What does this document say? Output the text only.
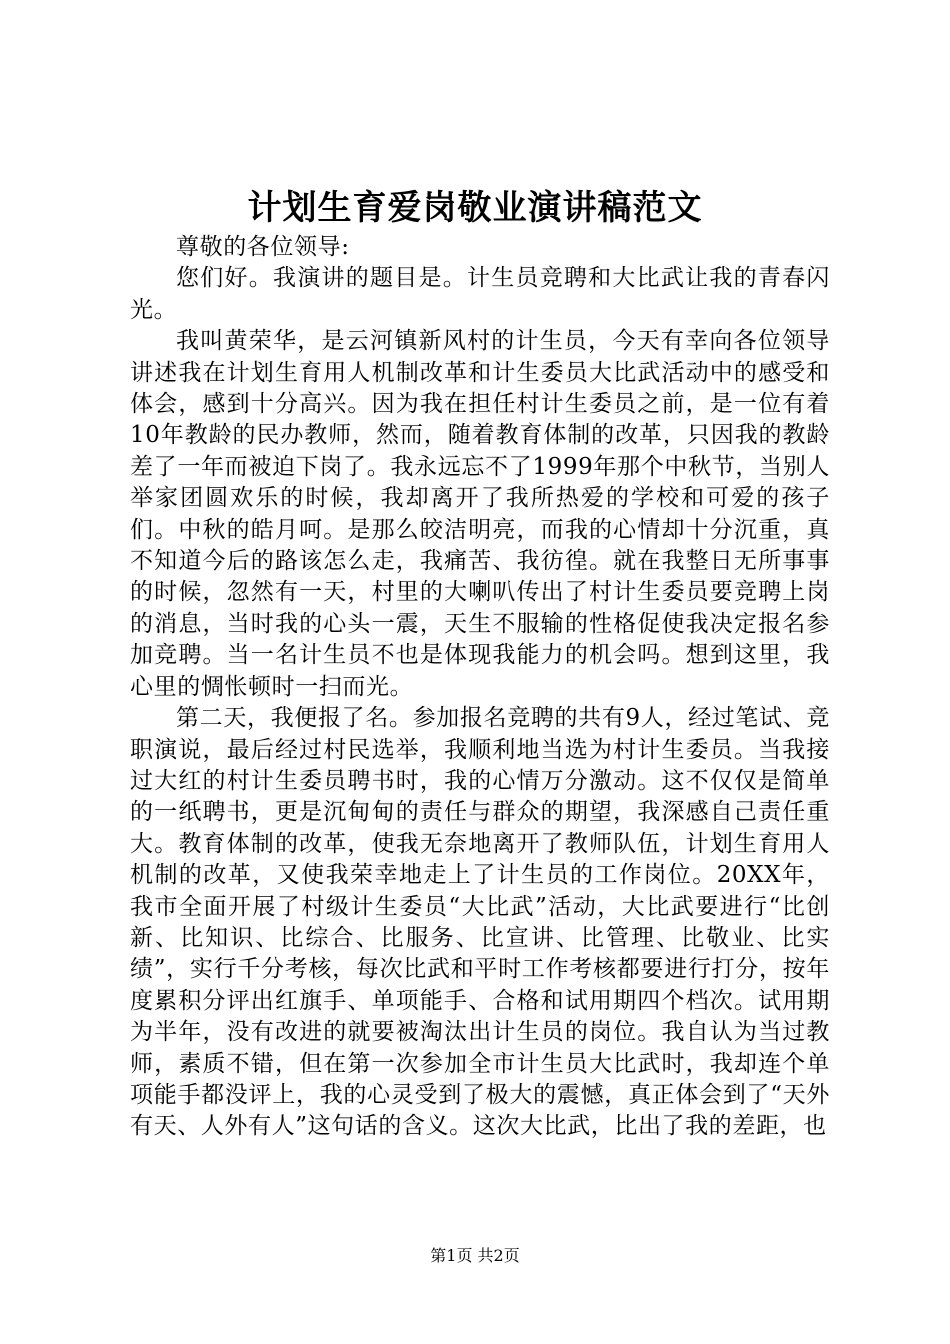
计划生育爱岗敬业演讲稿范文

尊敬的各位领导:

您们好。我演讲的题目是。计生员竞聘和大比武让我的青春闪光。

我叫黄荣华，是云河镇新风村的计生员，今天有幸向各位领导讲述我在计划生育用人机制改革和计生委员大比武活动中的感受和体会，感到十分高兴。因为我在担任村计生委员之前，是一位有着10年教龄的民办教师，然而，随着教育体制的改革，只因我的教龄差了一年而被迫下岗了。我永远忘不了1999年那个中秋节，当别人举家团圆欢乐的时候，我却离开了我所热爱的学校和可爱的孩子们。中秋的皓月呵。是那么皎洁明亮，而我的心情却十分沉重，真不知道今后的路该怎么走，我痛苦、我彷徨。就在我整日无所事事的时候，忽然有一天，村里的大喇叭传出了村计生委员要竞聘上岗的消息，当时我的心头一震，天生不服输的性格促使我决定报名参加竞聘。当一名计生员不也是体现我能力的机会吗。想到这里，我心里的惆怅顿时一扫而光。

第二天，我便报了名。参加报名竞聘的共有9人，经过笔试、竞职演说，最后经过村民选举，我顺利地当选为村计生委员。当我接过大红的村计生委员聘书时，我的心情万分激动。这不仅仅是简单的一纸聘书，更是沉甸甸的责任与群众的期望，我深感自己责任重大。教育体制的改革，使我无奈地离开了教师队伍，计划生育用人机制的改革，又使我荣幸地走上了计生员的工作岗位。20XX年，我市全面开展了村级计生委员“大比武”活动，大比武要进行“比创新、比知识、比综合、比服务、比宣讲、比管理、比敬业、比实绩”，实行千分考核，每次比武和平时工作考核都要进行打分，按年度累积分评出红旗手、单项能手、合格和试用期四个档次。试用期为半年，没有改进的就要被淘汰出计生员的岗位。我自认为当过教师，素质不错，但在第一次参加全市计生员大比武时，我却连个单项能手都没评上，我的心灵受到了极大的震憾，真正体会到了“天外有天、人外有人”这句话的含义。这次大比武，比出了我的差距，也

第1页 共2页
